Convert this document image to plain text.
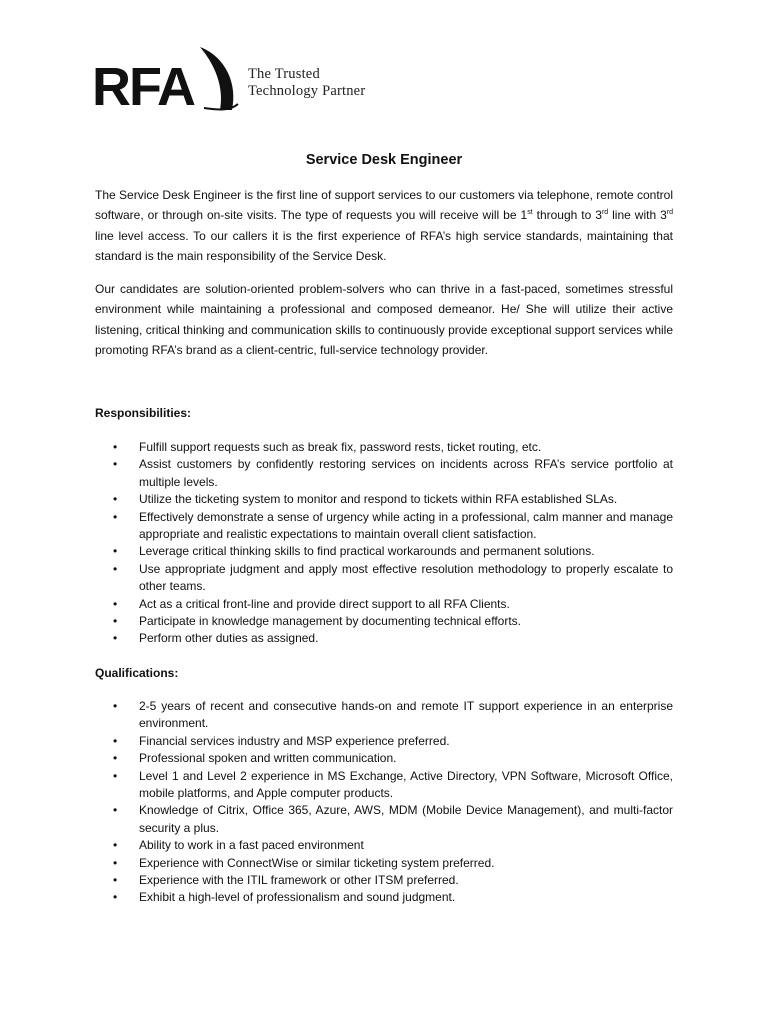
RFA	The Trusted
Technology Partner
Service Desk Engineer

The Service Desk Engineer is the first line of support services to our customers via telephone, remote control software, or through on-site visits. The type of requests you will receive will be 1st through to 3rd line with 3rd line level access. To our callers it is the first experience of RFA’s high service standards, maintaining that standard is the main responsibility of the Service Desk.

Our candidates are solution-oriented problem-solvers who can thrive in a fast-paced, sometimes stressful environment while maintaining a professional and composed demeanor. He/ She will utilize their active listening, critical thinking and communication skills to continuously provide exceptional support services while promoting RFA’s brand as a client-centric, full-service technology provider.

Responsibilities:
• Fulfill support requests such as break fix, password rests, ticket routing, etc.
• Assist customers by confidently restoring services on incidents across RFA’s service portfolio at multiple levels.
• Utilize the ticketing system to monitor and respond to tickets within RFA established SLAs.
• Effectively demonstrate a sense of urgency while acting in a professional, calm manner and manage appropriate and realistic expectations to maintain overall client satisfaction.
• Leverage critical thinking skills to find practical workarounds and permanent solutions.
• Use appropriate judgment and apply most effective resolution methodology to properly escalate to other teams.
• Act as a critical front-line and provide direct support to all RFA Clients.
• Participate in knowledge management by documenting technical efforts.
• Perform other duties as assigned.
Qualifications:
• 2-5 years of recent and consecutive hands-on and remote IT support experience in an enterprise environment.
• Financial services industry and MSP experience preferred.
• Professional spoken and written communication.
• Level 1 and Level 2 experience in MS Exchange, Active Directory, VPN Software, Microsoft Office, mobile platforms, and Apple computer products.
• Knowledge of Citrix, Office 365, Azure, AWS, MDM (Mobile Device Management), and multi-factor security a plus.
• Ability to work in a fast paced environment
• Experience with ConnectWise or similar ticketing system preferred.
• Experience with the ITIL framework or other ITSM preferred.
• Exhibit a high-level of professionalism and sound judgment.
